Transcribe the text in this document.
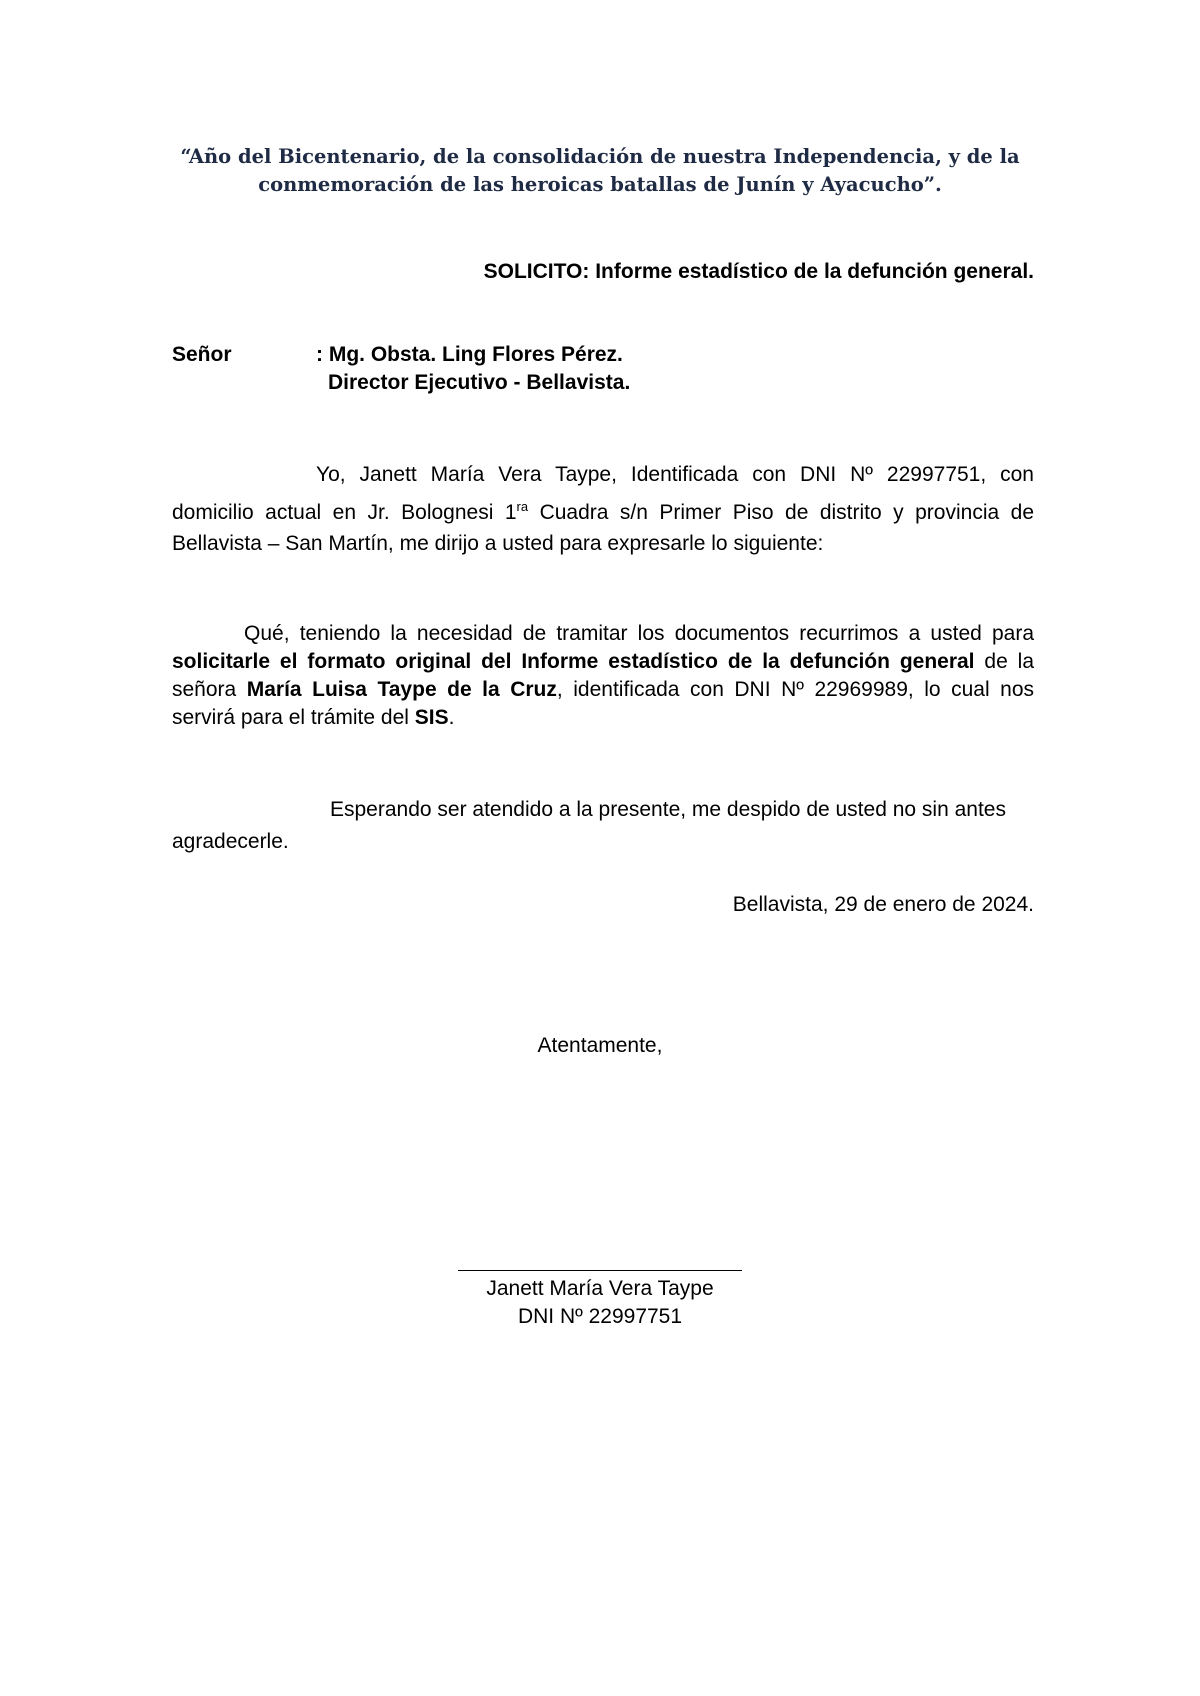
“Año del Bicentenario, de la consolidación de nuestra Independencia, y de la
conmemoración de las heroicas batallas de Junín y Ayacucho”.
SOLICITO: Informe estadístico de la defunción general.
Señor	: Mg. Obsta. Ling Flores Pérez.
Director Ejecutivo - Bellavista.
Yo, Janett María Vera Taype, Identificada con DNI Nº 22997751, con domicilio actual en Jr. Bolognesi $1^{ra}$ Cuadra s/n Primer Piso de distrito y provincia de Bellavista – San Martín, me dirijo a usted para expresarle lo siguiente:
Qué, teniendo la necesidad de tramitar los documentos recurrimos a usted para solicitarle el formato original del Informe estadístico de la defunción general de la señora María Luisa Taype de la Cruz, identificada con DNI Nº 22969989, lo cual nos servirá para el trámite del SIS.
Esperando ser atendido a la presente, me despido de usted no sin antes agradecerle.
Bellavista, 29 de enero de 2024.
Atentamente,
Janett María Vera Taype
DNI Nº 22997751
